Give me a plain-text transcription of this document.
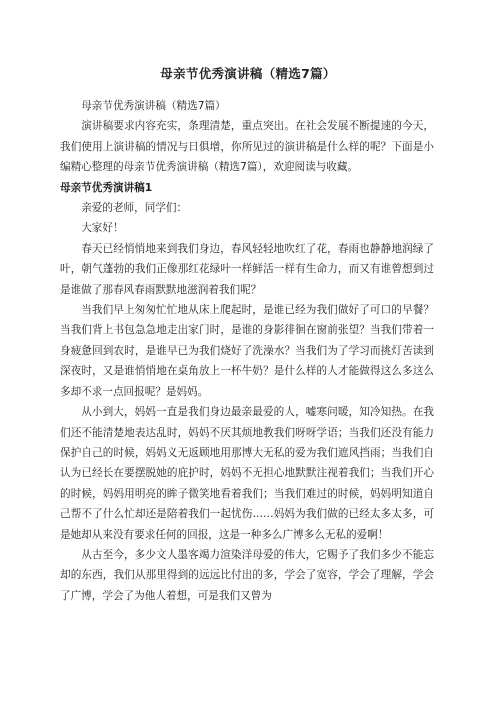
母亲节优秀演讲稿（精选7篇）

母亲节优秀演讲稿（精选7篇）

演讲稿要求内容充实，条理清楚，重点突出。在社会发展不断提速的今天，我们使用上演讲稿的情况与日俱增，你所见过的演讲稿是什么样的呢？下面是小编精心整理的母亲节优秀演讲稿（精选7篇），欢迎阅读与收藏。

母亲节优秀演讲稿1

亲爱的老师，同学们：

大家好！

春天已经悄悄地来到我们身边，春风轻轻地吹红了花，春雨也静静地润绿了叶，朝气蓬勃的我们正像那红花绿叶一样鲜活一样有生命力，而又有谁曾想到过是谁做了那春风春雨默默地滋润着我们呢？

当我们早上匆匆忙忙地从床上爬起时，是谁已经为我们做好了可口的早餐？当我们背上书包急急地走出家门时，是谁的身影徘徊在窗前张望？当我们带着一身疲惫回到农时，是谁早已为我们烧好了洗澡水？当我们为了学习而挑灯苦读到深夜时，又是谁悄悄地在桌角放上一杯牛奶？是什么样的人才能做得这么多这么多却不求一点回报呢？是妈妈。

从小到大，妈妈一直是我们身边最亲最爱的人，嘘寒问暖，知冷知热。在我们还不能清楚地表达乱时，妈妈不厌其烦地教我们呀呀学语；当我们还没有能力保护自己的时候，妈妈义无返顾地用那博大无私的爱为我们遮风挡雨；当我们自认为已经长在要摆脱她的庇护时，妈妈不无担心地默默注视着我们；当我们开心的时候，妈妈用明亮的眸子微笑地看着我们；当我们难过的时候，妈妈明知道自己帮不了什么忙却还是陪着我们一起忧伤……妈妈为我们做的已经太多太多，可是她却从来没有要求任何的回报，这是一种多么广博多么无私的爱啊！

从古至今，多少文人墨客竭力渲染洋母爱的伟大，它赐予了我们多少不能忘却的东西，我们从那里得到的远远比付出的多，学会了宽容，学会了理解，学会了广博，学会了为他人着想，可是我们又曾为
